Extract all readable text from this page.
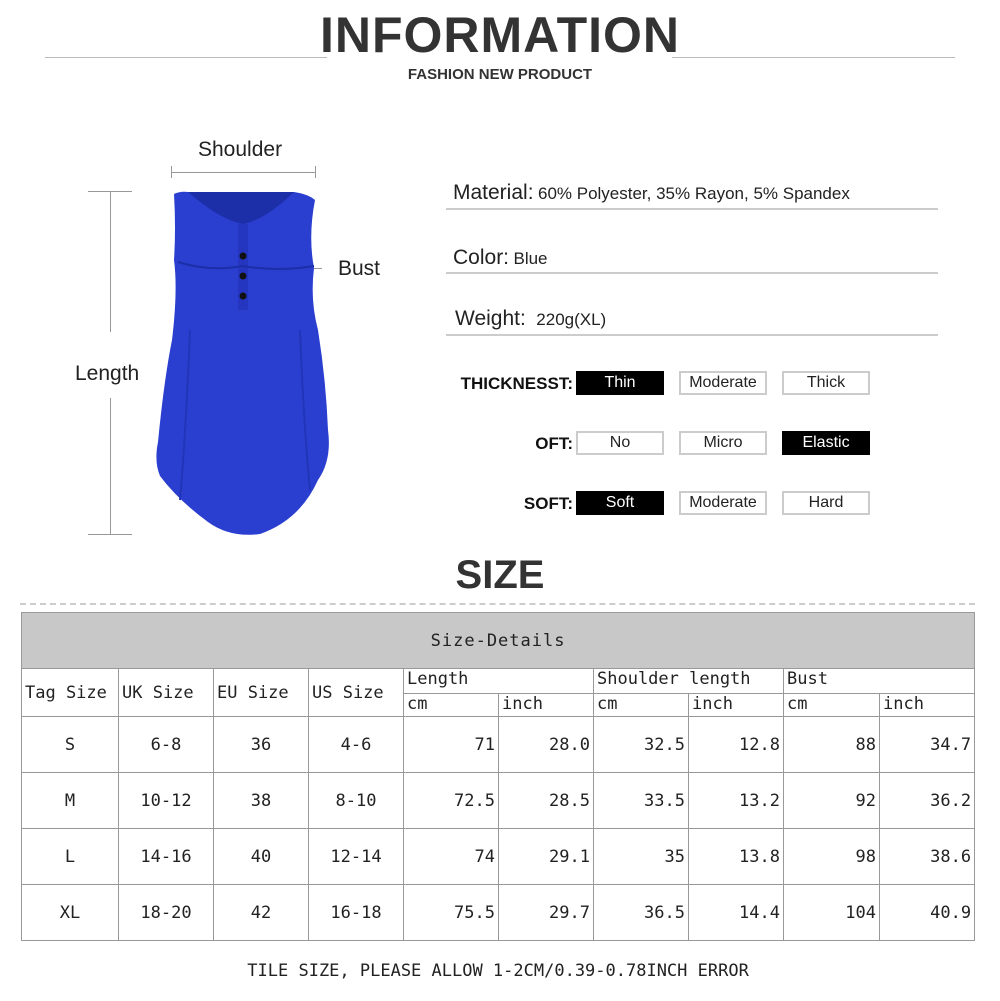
INFORMATION
FASHION NEW PRODUCT
Shoulder
Length
Bust
Material: 60% Polyester, 35% Rayon, 5% Spandex
Color: Blue
Weight: 220g(XL)
THICKNESST:	Thin	Moderate	Thick
OFT:	No	Micro	Elastic
SOFT:	Soft	Moderate	Hard
SIZE
Size-Details									
Tag Size	UK Size	EU Size	US Size	Length		Shoulder length		Bust	
				cm	inch	cm	inch	cm	inch
S	6-8	36	4-6	71	28.0	32.5	12.8	88	34.7
M	10-12	38	8-10	72.5	28.5	33.5	13.2	92	36.2
L	14-16	40	12-14	74	29.1	35	13.8	98	38.6
XL	18-20	42	16-18	75.5	29.7	36.5	14.4	104	40.9
TILE SIZE, PLEASE ALLOW 1-2CM/0.39-0.78INCH ERROR									
